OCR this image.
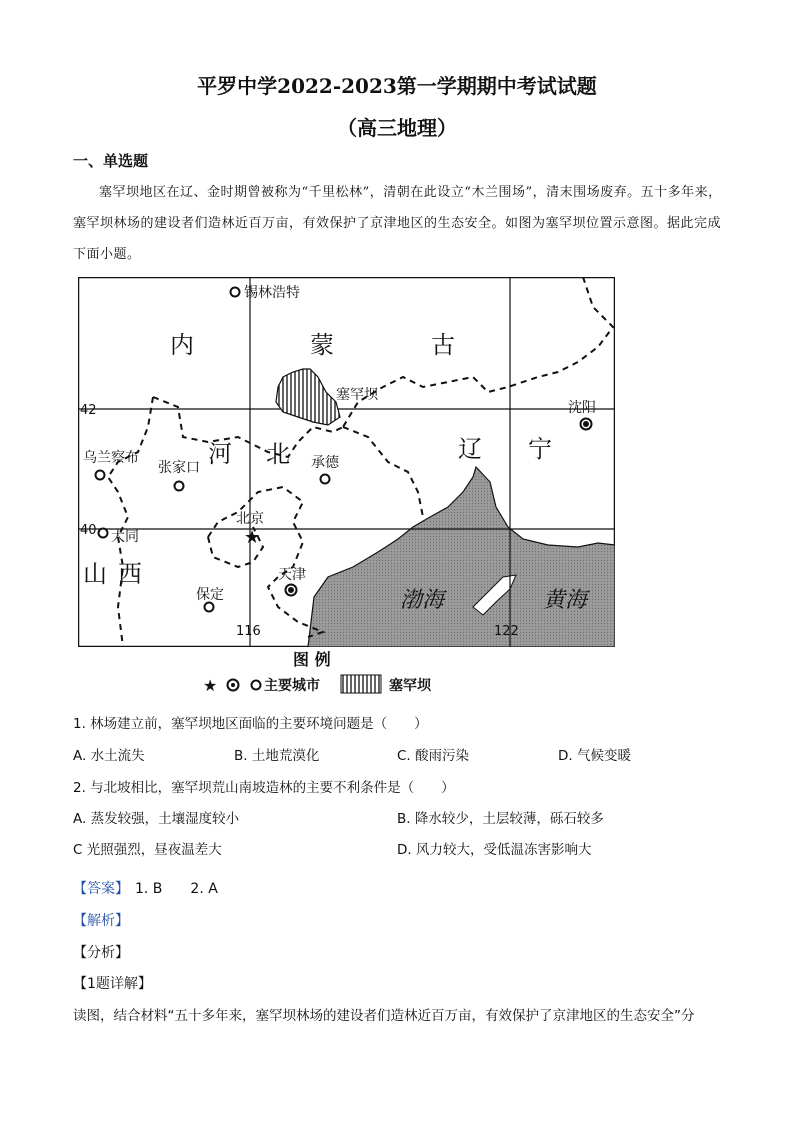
平罗中学2022-2023第一学期期中考试试题
（高三地理）
一、单选题
塞罕坝地区在辽、金时期曾被称为“千里松林”，清朝在此设立“木兰围场”，清末围场废弃。五十多年来，塞罕坝林场的建设者们造林近百万亩，有效保护了京津地区的生态安全。如图为塞罕坝位置示意图。据此完成下面小题。
★
锡林浩特
内	蒙	古
塞罕坝
沈阳
辽 宁
河 北
乌兰察布
张家口	承德
北京
大同
山 西	天津
保定	渤海	黄海
42
40
116	122
图 例
★	主要城市	塞罕坝
1. 林场建立前，塞罕坝地区面临的主要环境问题是（　　）
A. 水土流失	B. 土地荒漠化	C. 酸雨污染	D. 气候变暖
2. 与北坡相比，塞罕坝荒山南坡造林的主要不利条件是（　　）
A. 蒸发较强，土壤湿度较小	B. 降水较少，土层较薄，砾石较多
C 光照强烈，昼夜温差大	D. 风力较大，受低温冻害影响大
【答案】 1. B　　2. A
【解析】
【分析】
【1题详解】
读图，结合材料“五十多年来，塞罕坝林场的建设者们造林近百万亩，有效保护了京津地区的生态安全”分
